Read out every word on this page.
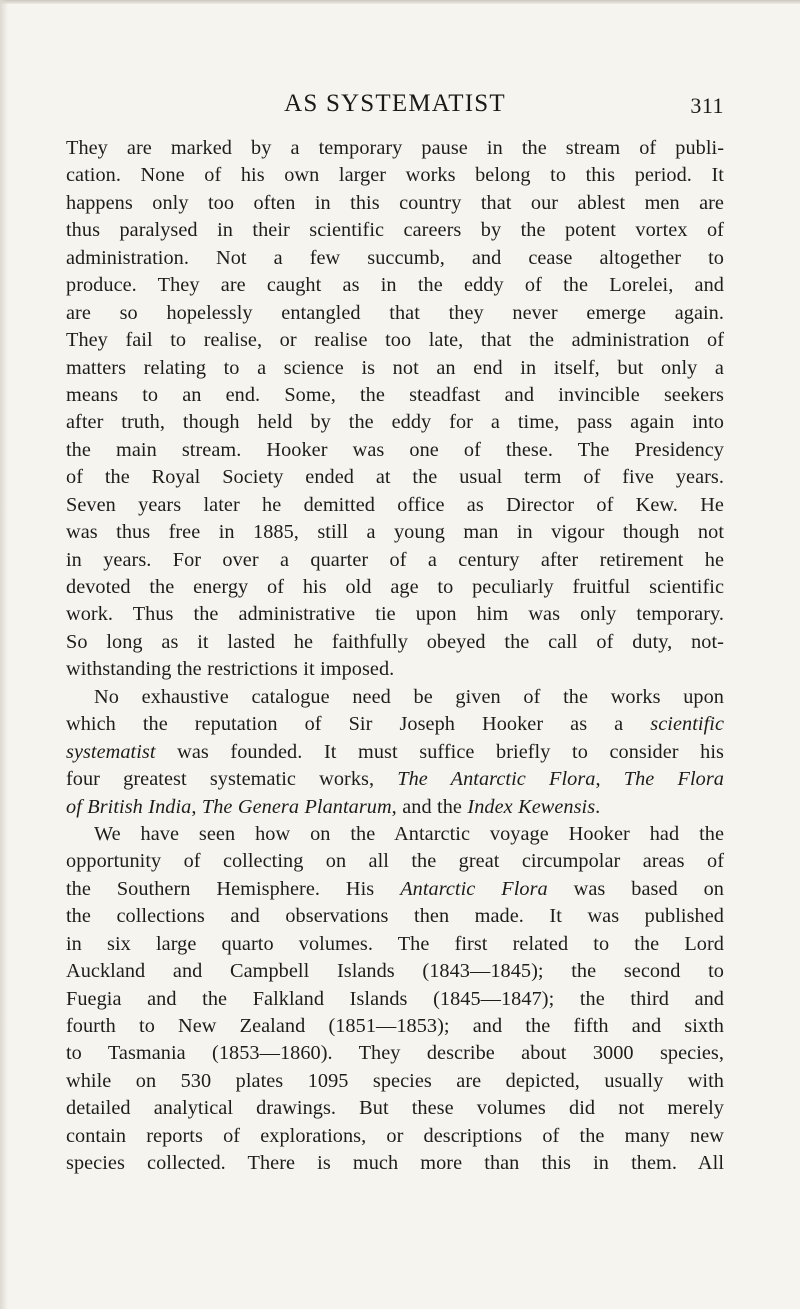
AS SYSTEMATIST	311
They are marked by a temporary pause in the stream of publi-
cation. None of his own larger works belong to this period. It
happens only too often in this country that our ablest men are
thus paralysed in their scientific careers by the potent vortex of
administration. Not a few succumb, and cease altogether to
produce. They are caught as in the eddy of the Lorelei, and
are so hopelessly entangled that they never emerge again.
They fail to realise, or realise too late, that the administration of
matters relating to a science is not an end in itself, but only a
means to an end. Some, the steadfast and invincible seekers
after truth, though held by the eddy for a time, pass again into
the main stream. Hooker was one of these. The Presidency
of the Royal Society ended at the usual term of five years.
Seven years later he demitted office as Director of Kew. He
was thus free in 1885, still a young man in vigour though not
in years. For over a quarter of a century after retirement he
devoted the energy of his old age to peculiarly fruitful scientific
work. Thus the administrative tie upon him was only temporary.
So long as it lasted he faithfully obeyed the call of duty, not-
withstanding the restrictions it imposed.
No exhaustive catalogue need be given of the works upon
which the reputation of Sir Joseph Hooker as a scientific
systematist was founded. It must suffice briefly to consider his
four greatest systematic works, The Antarctic Flora, The Flora
of British India, The Genera Plantarum, and the Index Kewensis.
We have seen how on the Antarctic voyage Hooker had the
opportunity of collecting on all the great circumpolar areas of
the Southern Hemisphere. His Antarctic Flora was based on
the collections and observations then made. It was published
in six large quarto volumes. The first related to the Lord
Auckland and Campbell Islands (1843—1845); the second to
Fuegia and the Falkland Islands (1845—1847); the third and
fourth to New Zealand (1851—1853); and the fifth and sixth
to Tasmania (1853—1860). They describe about 3000 species,
while on 530 plates 1095 species are depicted, usually with
detailed analytical drawings. But these volumes did not merely
contain reports of explorations, or descriptions of the many new
species collected. There is much more than this in them. All
